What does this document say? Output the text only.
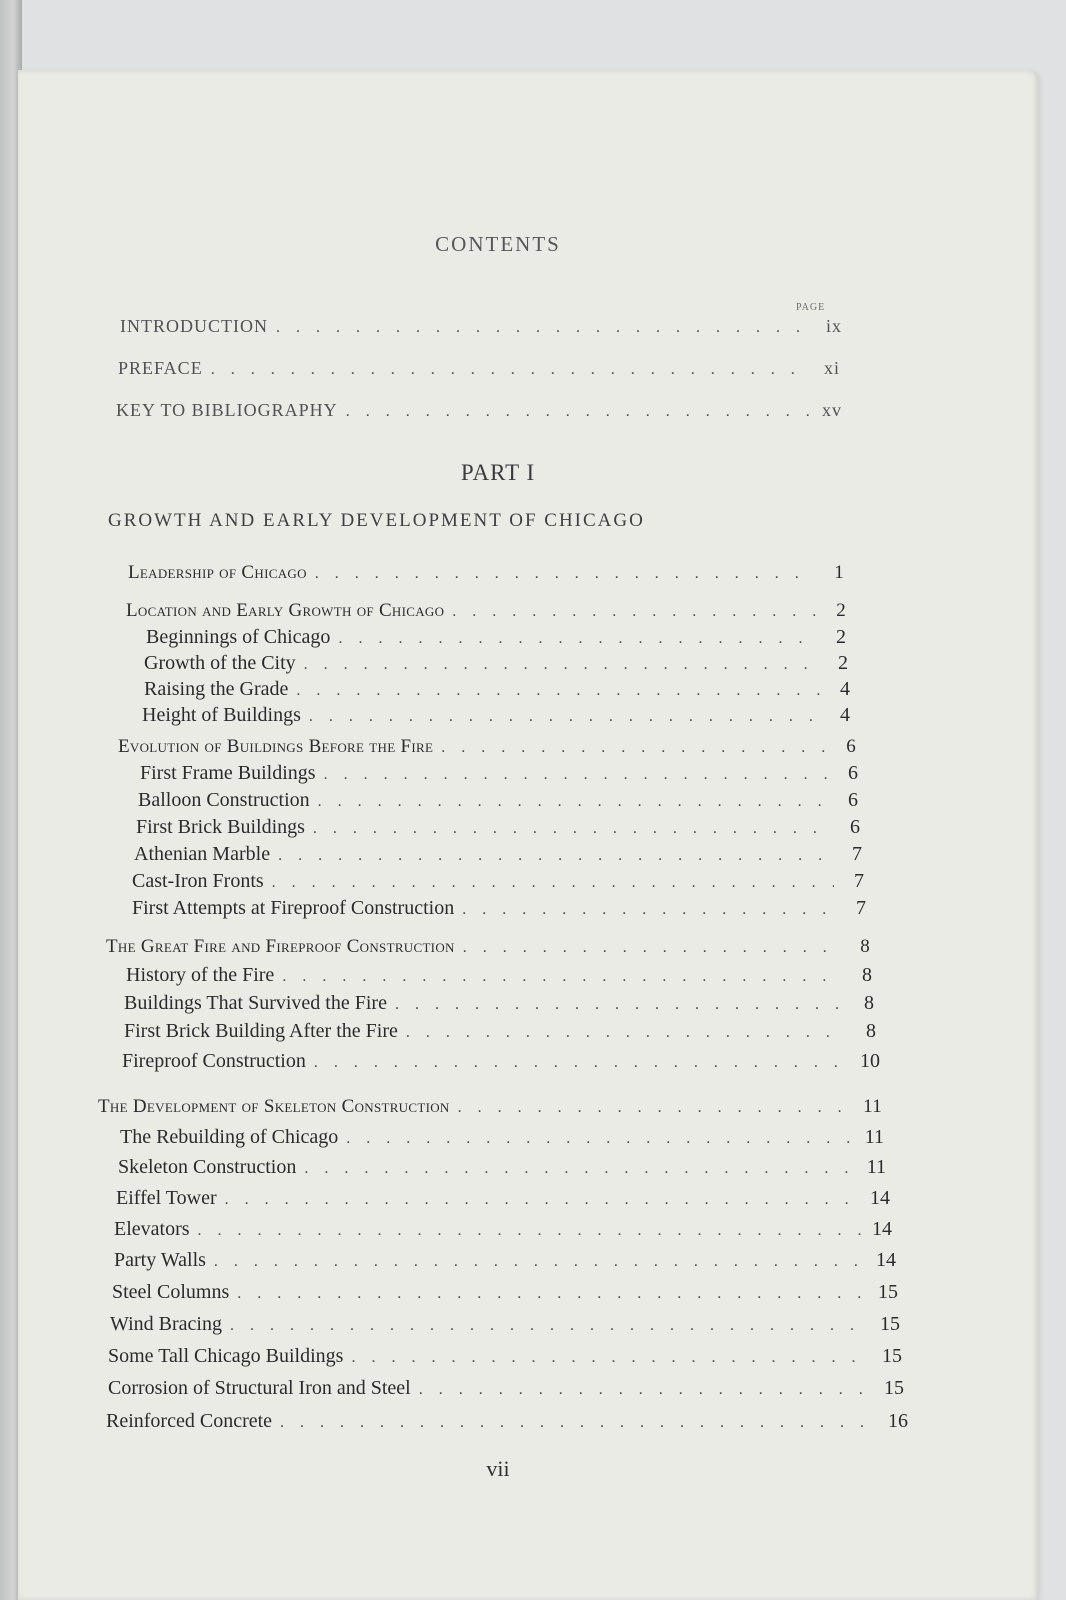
CONTENTS
PAGE
INTRODUCTION . . .	ix
PREFACE . . .	xi
KEY TO BIBLIOGRAPHY . . .	xv
PART I
GROWTH AND EARLY DEVELOPMENT OF CHICAGO
Leadership of Chicago . . .	1
Location and Early Growth of Chicago . . .	2
Beginnings of Chicago . . .	2
Growth of the City . . .	2
Raising the Grade . . .	4
Height of Buildings . . .	4
Evolution of Buildings Before the Fire . . .	6
First Frame Buildings . . .	6
Balloon Construction . . .	6
First Brick Buildings . . .	6
Athenian Marble . . .	7
Cast-Iron Fronts . . .	7
First Attempts at Fireproof Construction . . .	7
The Great Fire and Fireproof Construction . . .	8
History of the Fire . . .	8
Buildings That Survived the Fire . . .	8
First Brick Building After the Fire . . .	8
Fireproof Construction . . .	10
The Development of Skeleton Construction . . .	11
The Rebuilding of Chicago . . .	11
Skeleton Construction . . .	11
Eiffel Tower . . .	14
Elevators . . .	14
Party Walls . . .	14
Steel Columns . . .	15
Wind Bracing . . .	15
Some Tall Chicago Buildings . . .	15
Corrosion of Structural Iron and Steel . . .	15
Reinforced Concrete . . .	16
vii
